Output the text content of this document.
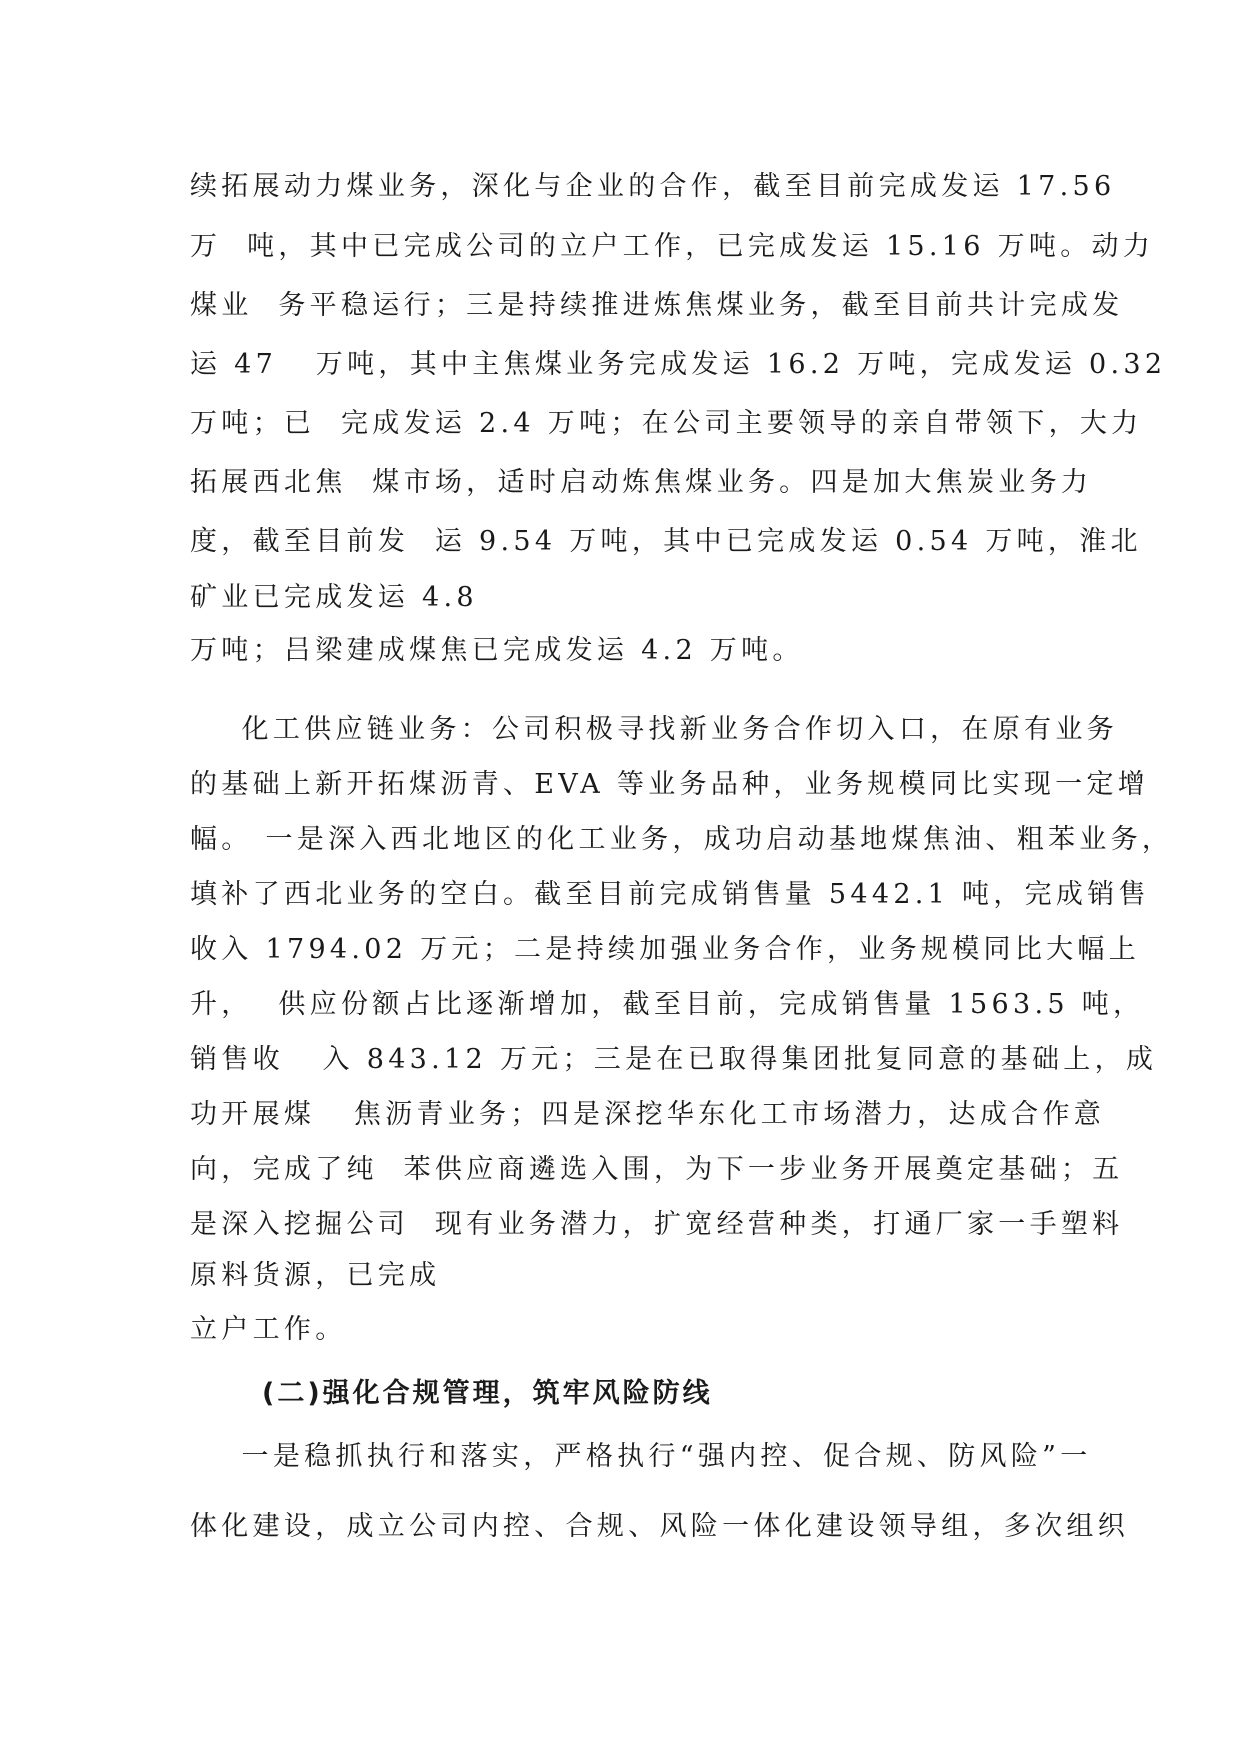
续拓展动力煤业务，深化与企业的合作，截至目前完成发运 17.56
万  吨，其中已完成公司的立户工作，已完成发运 15.16 万吨。动力
煤业  务平稳运行；三是持续推进炼焦煤业务，截至目前共计完成发
运 47   万吨，其中主焦煤业务完成发运 16.2 万吨，完成发运 0.32
万吨；已  完成发运 2.4 万吨；在公司主要领导的亲自带领下，大力
拓展西北焦  煤市场，适时启动炼焦煤业务。四是加大焦炭业务力
度，截至目前发  运 9.54 万吨，其中已完成发运 0.54 万吨，淮北
矿业已完成发运 4.8
万吨；吕梁建成煤焦已完成发运 4.2 万吨。
化工供应链业务：公司积极寻找新业务合作切入口，在原有业务
的基础上新开拓煤沥青、EVA 等业务品种，业务规模同比实现一定增
幅。 一是深入西北地区的化工业务，成功启动基地煤焦油、粗苯业务，
填补了西北业务的空白。截至目前完成销售量 5442.1 吨，完成销售
收入 1794.02 万元；二是持续加强业务合作，业务规模同比大幅上
升，  供应份额占比逐渐增加，截至目前，完成销售量 1563.5 吨，
销售收   入 843.12 万元；三是在已取得集团批复同意的基础上，成
功开展煤   焦沥青业务；四是深挖华东化工市场潜力，达成合作意
向，完成了纯  苯供应商遴选入围，为下一步业务开展奠定基础；五
是深入挖掘公司  现有业务潜力，扩宽经营种类，打通厂家一手塑料
原料货源，已完成
(二)强化合规管理，筑牢风险防线
一是稳抓执行和落实，严格执行“强内控、促合规、防风险”一
体化建设，成立公司内控、合规、风险一体化建设领导组，多次组织
立户工作。
